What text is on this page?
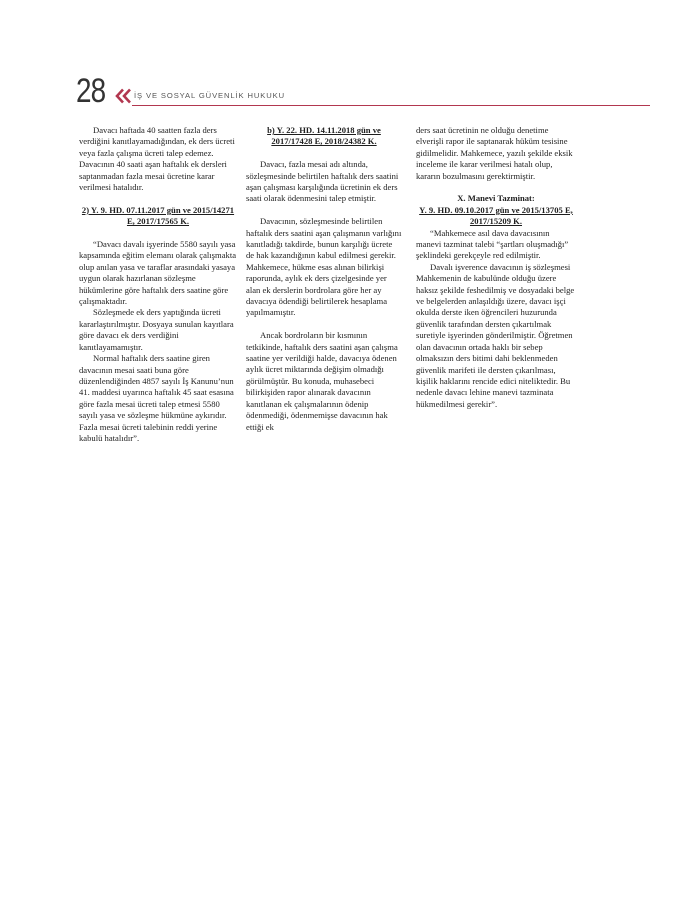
28	İŞ VE SOSYAL GÜVENLİK HUKUKU

Davacı haftada 40 saatten fazla ders verdiğini kanıtlayamadığından, ek ders ücreti veya fazla çalışma ücreti talep edemez. Davacının 40 saati aşan haftalık ek dersleri saptanmadan fazla mesai ücretine karar verilmesi hatalıdır.

2) Y. 9. HD. 07.11.2017 gün ve 2015/14271 E, 2017/17565 K.

“Davacı davalı işyerinde 5580 sayılı yasa kapsamında eğitim elemanı olarak çalışmakta olup anılan yasa ve taraflar arasındaki yasaya uygun olarak hazırlanan sözleşme hükümlerine göre haftalık ders saatine göre çalışmaktadır.

Sözleşmede ek ders yaptığında ücreti kararlaştırılmıştır. Dosyaya sunulan kayıtlara göre davacı ek ders verdiğini kanıtlayamamıştır.

Normal haftalık ders saatine giren davacının mesai saati buna göre düzenlendiğinden 4857 sayılı İş Kanunu’nun 41. maddesi uyarınca haftalık 45 saat esasına göre fazla mesai ücreti talep etmesi 5580 sayılı yasa ve sözleşme hükmüne aykırıdır. Fazla mesai ücreti talebinin reddi yerine kabulü hatalıdır”.

b) Y. 22. HD. 14.11.2018 gün ve 2017/17428 E, 2018/24382 K.

Davacı, fazla mesai adı altında, sözleşmesinde belirtilen haftalık ders saatini aşan çalışması karşılığında ücretinin ek ders saati olarak ödenmesini talep etmiştir.

Davacının, sözleşmesinde belirtilen haftalık ders saatini aşan çalışmanın varlığını kanıtladığı takdirde, bunun karşılığı ücrete de hak kazandığının kabul edilmesi gerekir. Mahkemece, hükme esas alınan bilirkişi raporunda, aylık ek ders çizelgesinde yer alan ek derslerin bordrolara göre her ay davacıya ödendiği belirtilerek hesaplama yapılmamıştır.

Ancak bordroların bir kısmının tetkikinde, haftalık ders saatini aşan çalışma saatine yer verildiği halde, davacıya ödenen aylık ücret miktarında değişim olmadığı görülmüştür. Bu konuda, muhasebeci bilirkişiden rapor alınarak davacının kanıtlanan ek çalışmalarının ödenip ödenmediği, ödenmemişse davacının hak ettiği ek

ders saat ücretinin ne olduğu denetime elverişli rapor ile saptanarak hüküm tesisine gidilmelidir. Mahkemece, yazılı şekilde eksik inceleme ile karar verilmesi hatalı olup, kararın bozulmasını gerektirmiştir.

X. Manevi Tazminat:

Y. 9. HD. 09.10.2017 gün ve 2015/13705 E, 2017/15209 K.

“Mahkemece asıl dava davacısının manevi tazminat talebi “şartları oluşmadığı” şeklindeki gerekçeyle red edilmiştir.

Davalı işverence davacının iş sözleşmesi Mahkemenin de kabulünde olduğu üzere haksız şekilde feshedilmiş ve dosyadaki belge ve belgelerden anlaşıldığı üzere, davacı işçi okulda derste iken öğrencileri huzurunda güvenlik tarafından dersten çıkartılmak suretiyle işyerinden gönderilmiştir. Öğretmen olan davacının ortada haklı bir sebep olmaksızın ders bitimi dahi beklenmeden güvenlik marifeti ile dersten çıkarılması, kişilik haklarını rencide edici niteliktedir. Bu nedenle davacı lehine manevi tazminata hükmedilmesi gerekir”.
